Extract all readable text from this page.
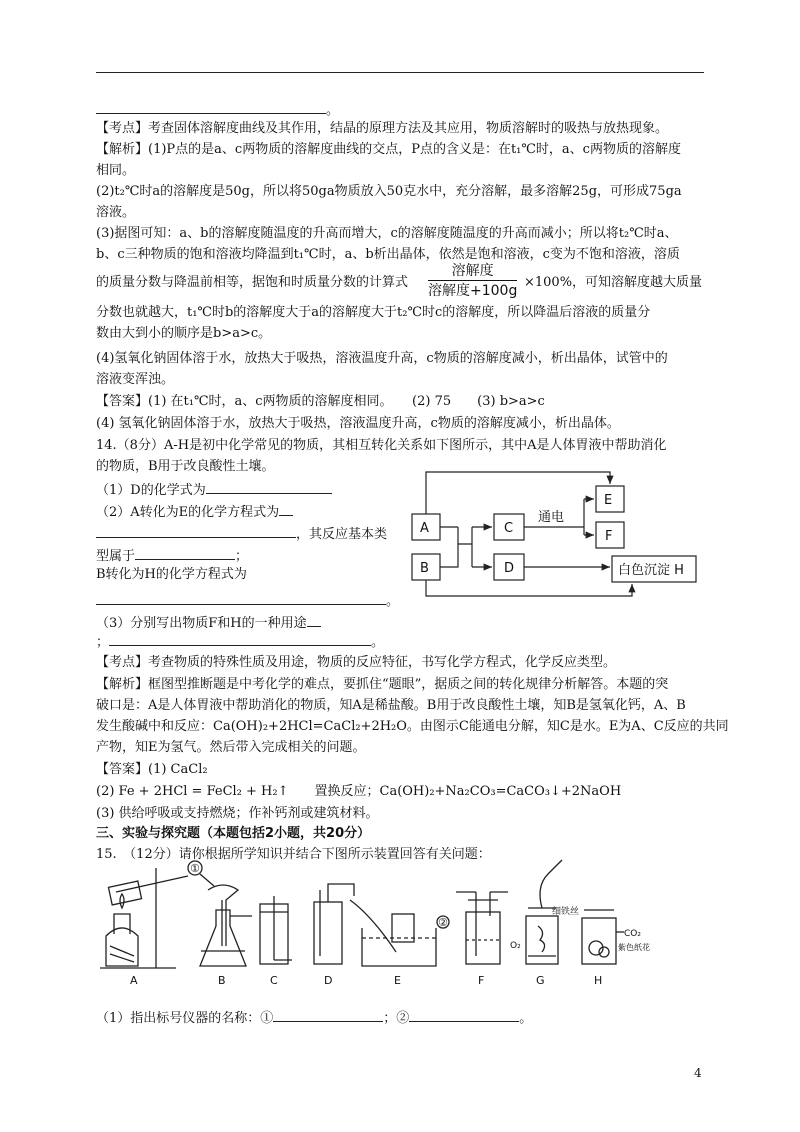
。
【考点】考查固体溶解度曲线及其作用，结晶的原理方法及其应用，物质溶解时的吸热与放热现象。
【解析】(1)P点的是a、c两物质的溶解度曲线的交点，P点的含义是：在t₁℃时，a、c两物质的溶解度
相同。
(2)t₂℃时a的溶解度是50g，所以将50ga物质放入50克水中，充分溶解，最多溶解25g，可形成75ga
溶液。
(3)据图可知：a、b的溶解度随温度的升高而增大，c的溶解度随温度的升高而减小；所以将t₂℃时a、
b、c三种物质的饱和溶液均降温到t₁℃时，a、b析出晶体，依然是饱和溶液，c变为不饱和溶液，溶质
的质量分数与降温前相等，据饱和时质量分数的计算式
分数也就越大，t₁℃时b的溶解度大于a的溶解度大于t₂℃时c的溶解度，所以降温后溶液的质量分
数由大到小的顺序是b>a>c。
(4)氢氧化钠固体溶于水，放热大于吸热，溶液温度升高，c物质的溶解度减小，析出晶体，试管中的
溶液变浑浊。
【答案】(1) 在t₁℃时，a、c两物质的溶解度相同。　　(2) 75　　(3) b>a>c
(4) 氢氧化钠固体溶于水，放热大于吸热，溶液温度升高，c物质的溶解度减小，析出晶体。
14.（8分）A-H是初中化学常见的物质，其相互转化关系如下图所示，其中A是人体胃液中帮助消化
的物质，B用于改良酸性土壤。
（1）D的化学式为
（2）A转化为E的化学方程式为
，其反应基本类
型属于	；
B转化为H的化学方程式为
。
（3）分别写出物质F和H的一种用途
；	。
【考点】考查物质的特殊性质及用途，物质的反应特征，书写化学方程式，化学反应类型。
【解析】框图型推断题是中考化学的难点，要抓住“题眼”，据质之间的转化规律分析解答。本题的突
破口是：A是人体胃液中帮助消化的物质，知A是稀盐酸。B用于改良酸性土壤，知B是氢氧化钙，A、B
发生酸碱中和反应：Ca(OH)₂+2HCl=CaCl₂+2H₂O。由图示C能通电分解，知C是水。E为A、C反应的共同
产物，知E为氢气。然后带入完成相关的问题。
【答案】(1) CaCl₂
(2) Fe + 2HCl = FeCl₂ + H₂↑　　置换反应；Ca(OH)₂+Na₂CO₃=CaCO₃↓+2NaOH
(3) 供给呼吸或支持燃烧；作补钙剂或建筑材料。
三、实验与探究题（本题包括2小题，共20分）
15.　（12分）请你根据所学知识并结合下图所示装置回答有关问题：
（1）指出标号仪器的名称：①	；②	。
溶解度
溶解度+100g
×100%，可知溶解度越大质量
A
B
C
D
E
F
白色沉淀 H
通电
A	B	C	D	E	F	G	H
①
②
细铁丝
O₂
CO₂
紫色纸花
4
